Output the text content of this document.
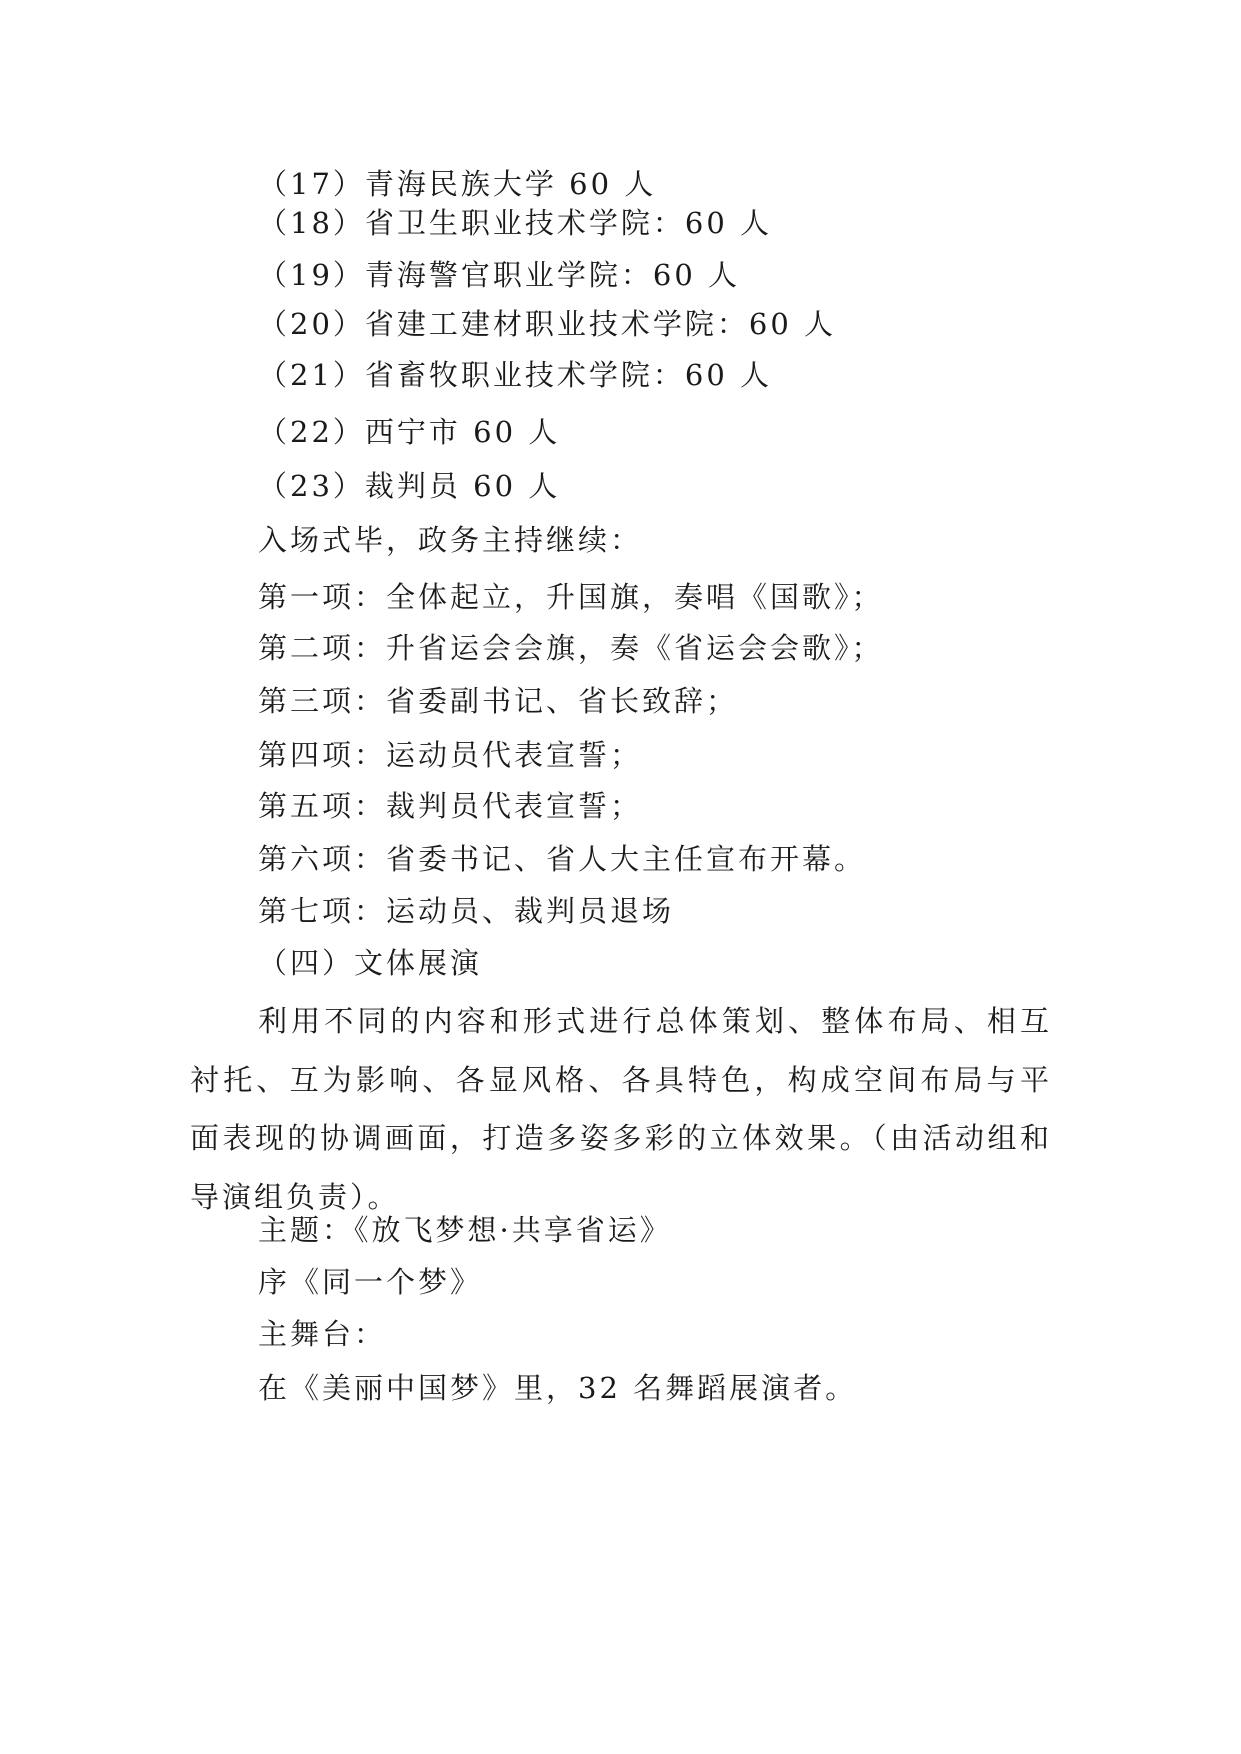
（17）青海民族大学 60 人
（18）省卫生职业技术学院：60 人
（19）青海警官职业学院：60 人
（20）省建工建材职业技术学院：60 人
（21）省畜牧职业技术学院：60 人
（22）西宁市 60 人
（23）裁判员 60 人
入场式毕，政务主持继续：
第一项：全体起立，升国旗，奏唱《国歌》；
第二项：升省运会会旗，奏《省运会会歌》；
第三项：省委副书记、省长致辞；
第四项：运动员代表宣誓；
第五项：裁判员代表宣誓；
第六项：省委书记、省人大主任宣布开幕。
第七项：运动员、裁判员退场
（四）文体展演
利用不同的内容和形式进行总体策划、整体布局、相互衬托、互为影响、各显风格、各具特色，构成空间布局与平面表现的协调画面，打造多姿多彩的立体效果。（由活动组和导演组负责）。
主题：《放飞梦想·共享省运》
序《同一个梦》
主舞台：
在《美丽中国梦》里，32 名舞蹈展演者。
